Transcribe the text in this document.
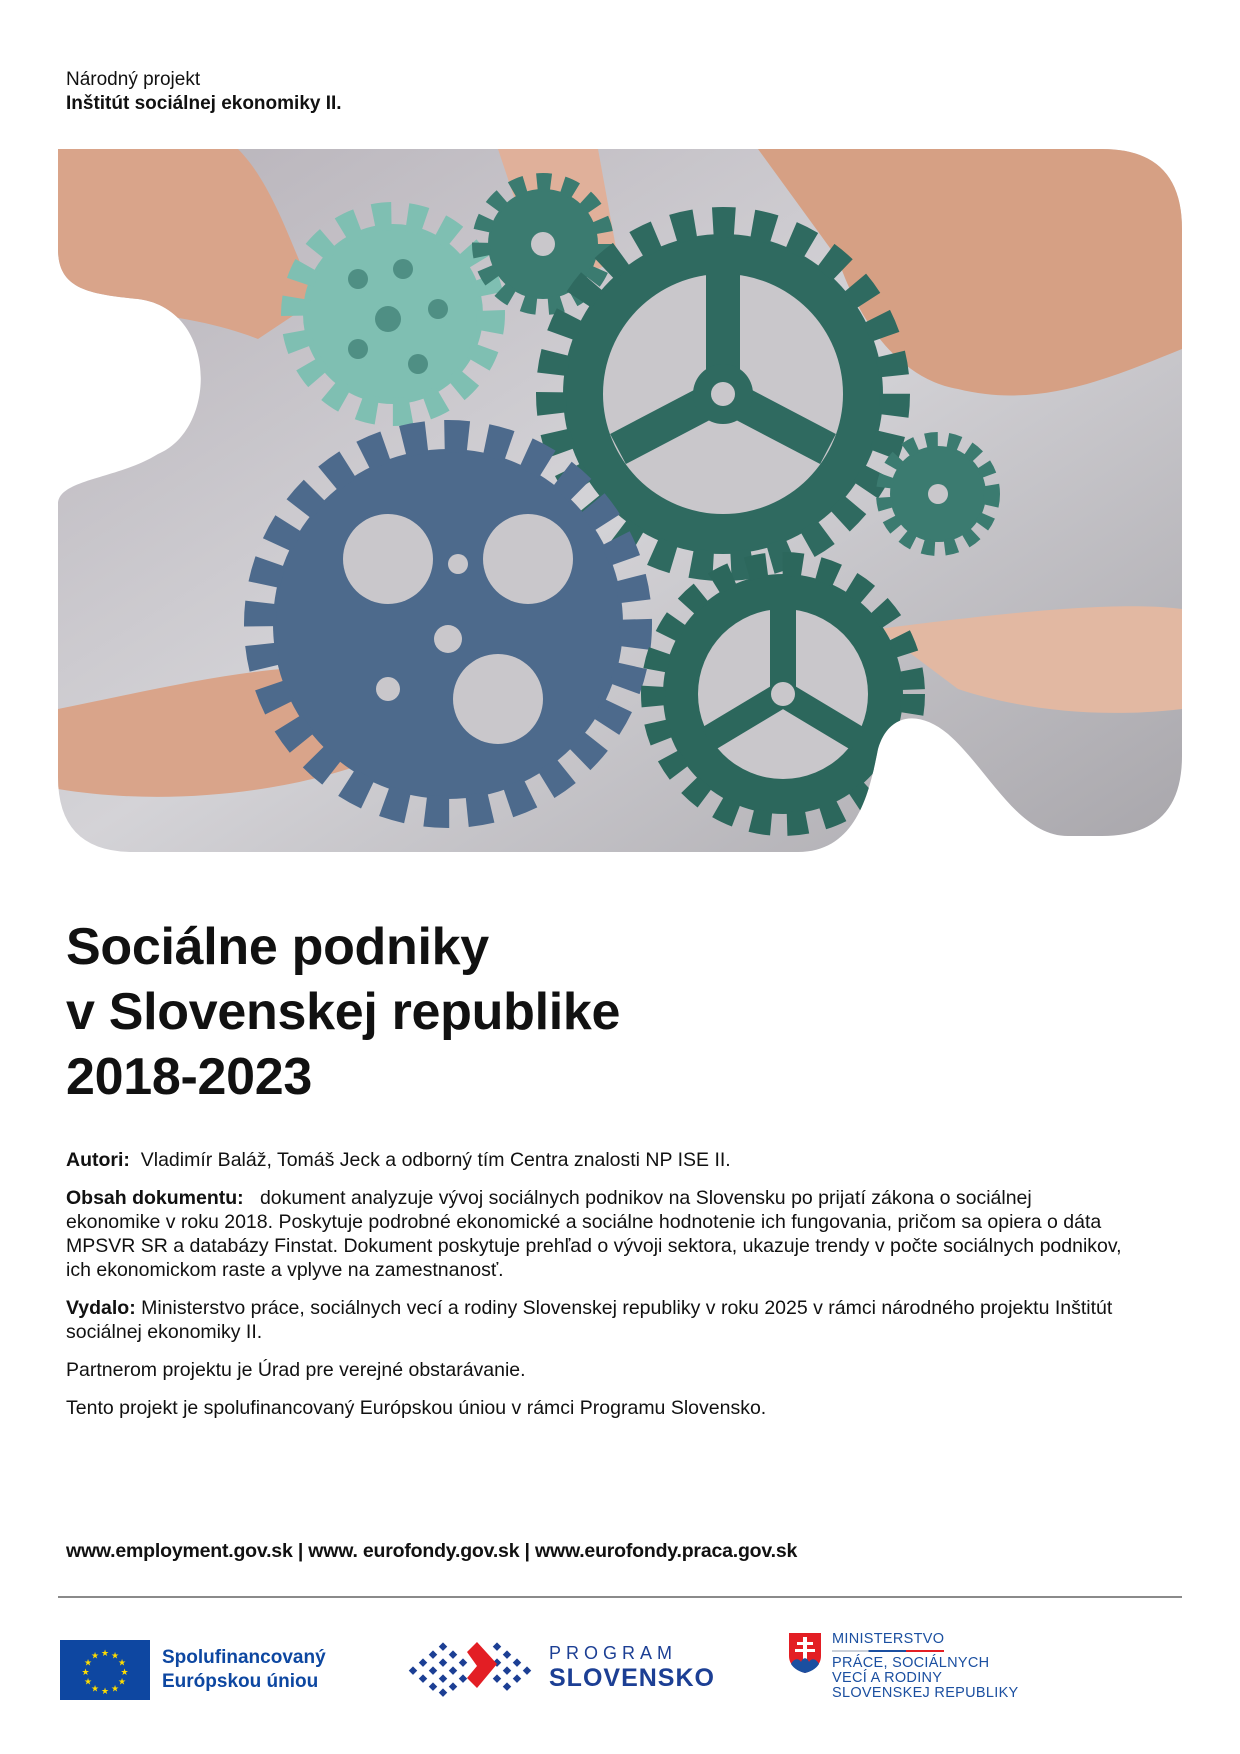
Národný projekt
Inštitút sociálnej ekonomiky II.
Sociálne podniky
v Slovenskej republike
2018-2023

Autori: Vladimír Baláž, Tomáš Jeck a odborný tím Centra znalosti NP ISE II.

Obsah dokumentu: dokument analyzuje vývoj sociálnych podnikov na Slovensku po prijatí zákona o sociálnej ekonomike v roku 2018. Poskytuje podrobné ekonomické a sociálne hodnotenie ich fungovania, pričom sa opiera o dáta MPSVR SR a databázy Finstat. Dokument poskytuje prehľad o vývoji sektora, ukazuje trendy v počte sociálnych podnikov, ich ekonomickom raste a vplyve na zamestnanosť.

Vydalo: Ministerstvo práce, sociálnych vecí a rodiny Slovenskej republiky v roku 2025 v rámci národného projektu Inštitút sociálnej ekonomiky II.

Partnerom projektu je Úrad pre verejné obstarávanie.

Tento projekt je spolufinancovaný Európskou úniou v rámci Programu Slovensko.

www.employment.gov.sk | www. eurofondy.gov.sk | www.eurofondy.praca.gov.sk
★ ★
★
★
★
★
★
★
★
★
★
★	Spolufinancovaný
Európskou úniou
PROGRAM
SLOVENSKO
MINISTERSTVO
PRÁCE, SOCIÁLNYCH
VECÍ A RODINY
SLOVENSKEJ REPUBLIKY
